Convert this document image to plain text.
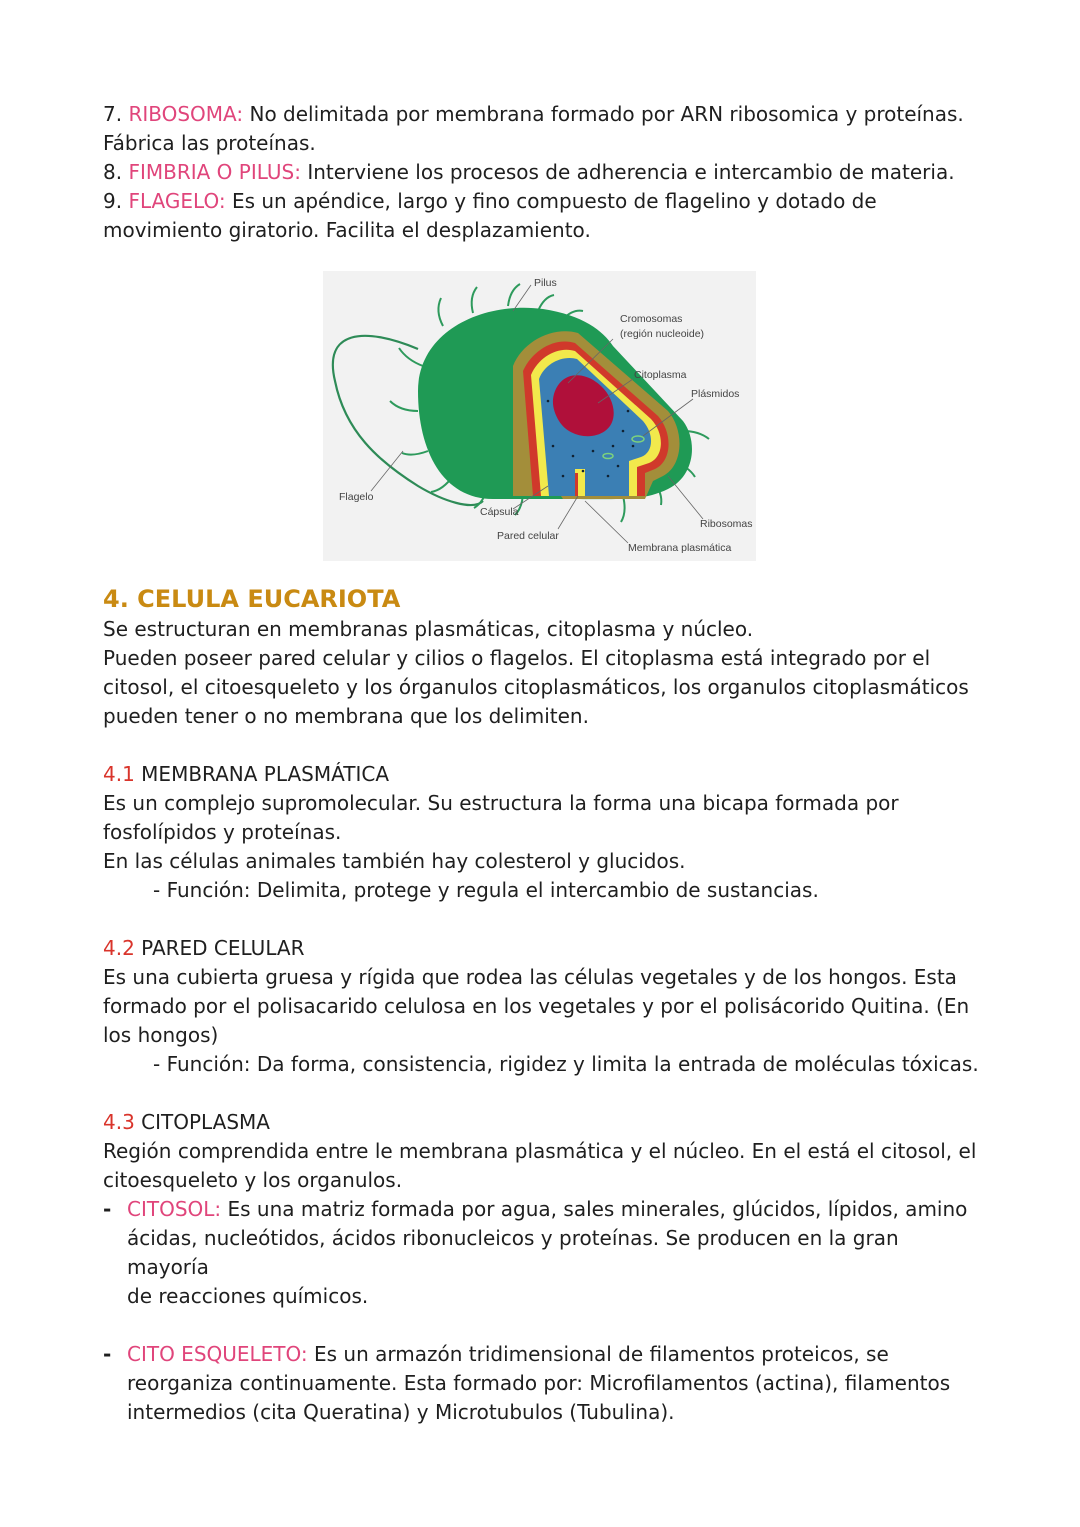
7. RIBOSOMA: No delimitada por membrana formado por ARN ribosomica y proteínas.
Fábrica las proteínas.

8. FIMBRIA O PILUS: Interviene los procesos de adherencia e intercambio de materia.

9. FLAGELO: Es un apéndice, largo y fino compuesto de flagelino y dotado de
movimiento giratorio. Facilita el desplazamiento.

4. CELULA EUCARIOTA

Se estructuran en membranas plasmáticas, citoplasma y núcleo.

Pueden poseer pared celular y cilios o flagelos. El citoplasma está integrado por el
citosol, el citoesqueleto y los órganulos citoplasmáticos, los organulos citoplasmáticos
pueden tener o no membrana que los delimiten.

4.1 MEMBRANA PLASMÁTICA

Es un complejo supromolecular. Su estructura la forma una bicapa formada por
fosfolípidos y proteínas.
En las células animales también hay colesterol y glucidos.

- Función: Delimita, protege y regula el intercambio de sustancias.

4.2 PARED CELULAR

Es una cubierta gruesa y rígida que rodea las células vegetales y de los hongos. Esta
formado por el polisacarido celulosa en los vegetales y por el polisácorido Quitina. (En
los hongos)

- Función: Da forma, consistencia, rigidez y limita la entrada de moléculas tóxicas.

4.3 CITOPLASMA

Región comprendida entre le membrana plasmática y el núcleo. En el está el citosol, el
citoesqueleto y los organulos.

- CITOSOL: Es una matriz formada por agua, sales minerales, glúcidos, lípidos, amino
ácidas, nucleótidos, ácidos ribonucleicos y proteínas. Se producen en la gran mayoría
de reacciones químicos.
- CITO ESQUELETO: Es un armazón tridimensional de filamentos proteicos, se
reorganiza continuamente. Esta formado por: Microfilamentos (actina), filamentos
intermedios (cita Queratina) y Microtubulos (Tubulina).
Pilus
Cromosomas
(región nucleoide)
Citoplasma
Plásmidos
Flagelo
Cápsula
Pared celular
Ribosomas
Membrana plasmática
